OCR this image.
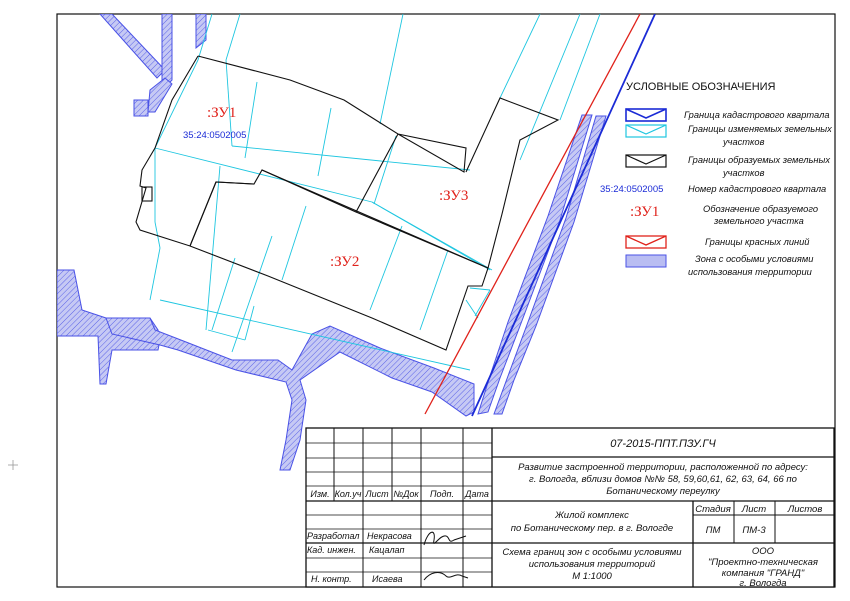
:ЗУ1
:ЗУ2
:ЗУ3
35:24:0502005
УСЛОВНЫЕ ОБОЗНАЧЕНИЯ
Граница кадастрового квартала
Границы изменяемых земельных
участков
Границы образуемых земельных
участков
35:24:0502005	Номер кадастрового квартала
:ЗУ1	Обозначение образуемого
земельного участка
Границы красных линий
Зона с особыми условиями
использования территории
07-2015-ППТ.ПЗУ.ГЧ
Развитие застроенной территории, расположенной по адресу:
г. Вологда, вблизи домов №№ 58, 59,60,61, 62, 63, 64, 66 по
Ботаническому переулку
Изм. Кол.уч Лист №Док Подп. Дата
Жилой комплекс
по Ботаническому пер. в г. Вологде
Стадия Лист Листов
ПМ ПМ-3
Разработал Некрасова
Кад. инжен. Кацалап
Н. контр. Исаева
Схема границ зон с особыми условиями
использования территорий
М 1:1000
ООО
"Проектно-техническая
компания "ГРАНД"
г. Вологда
